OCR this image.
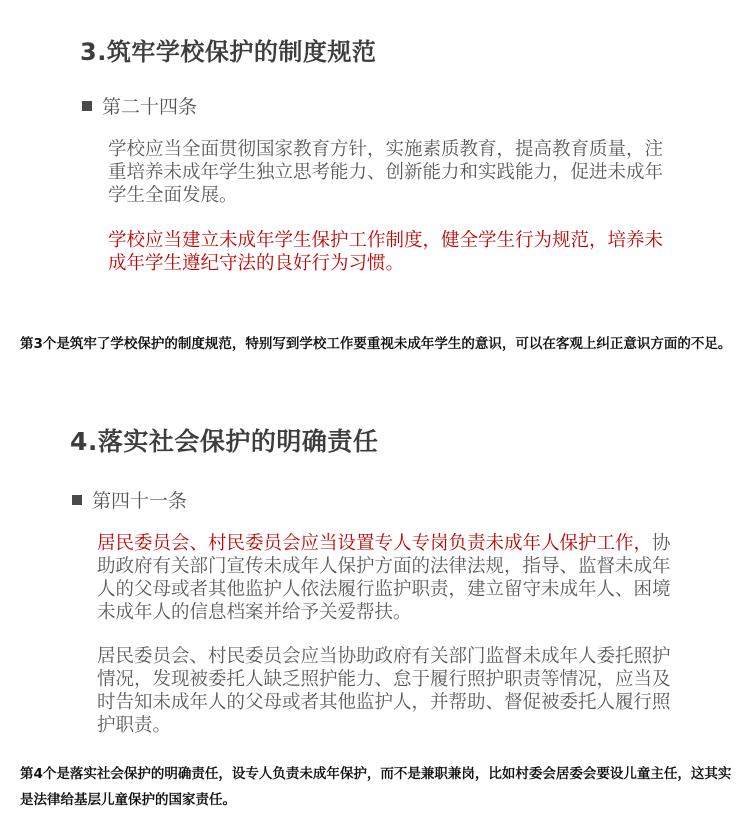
3.筑牢学校保护的制度规范
第二十四条
学校应当全面贯彻国家教育方针，实施素质教育，提高教育质量，注重培养未成年学生独立思考能力、创新能力和实践能力，促进未成年学生全面发展。
学校应当建立未成年学生保护工作制度，健全学生行为规范，培养未成年学生遵纪守法的良好行为习惯。
第3个是筑牢了学校保护的制度规范，特别写到学校工作要重视未成年学生的意识，可以在客观上纠正意识方面的不足。
4.落实社会保护的明确责任
第四十一条
居民委员会、村民委员会应当设置专人专岗负责未成年人保护工作，协助政府有关部门宣传未成年人保护方面的法律法规，指导、监督未成年人的父母或者其他监护人依法履行监护职责，建立留守未成年人、困境未成年人的信息档案并给予关爱帮扶。
居民委员会、村民委员会应当协助政府有关部门监督未成年人委托照护情况，发现被委托人缺乏照护能力、怠于履行照护职责等情况，应当及时告知未成年人的父母或者其他监护人，并帮助、督促被委托人履行照护职责。
第4个是落实社会保护的明确责任，设专人负责未成年保护，而不是兼职兼岗，比如村委会居委会要设儿童主任，这其实是法律给基层儿童保护的国家责任。
